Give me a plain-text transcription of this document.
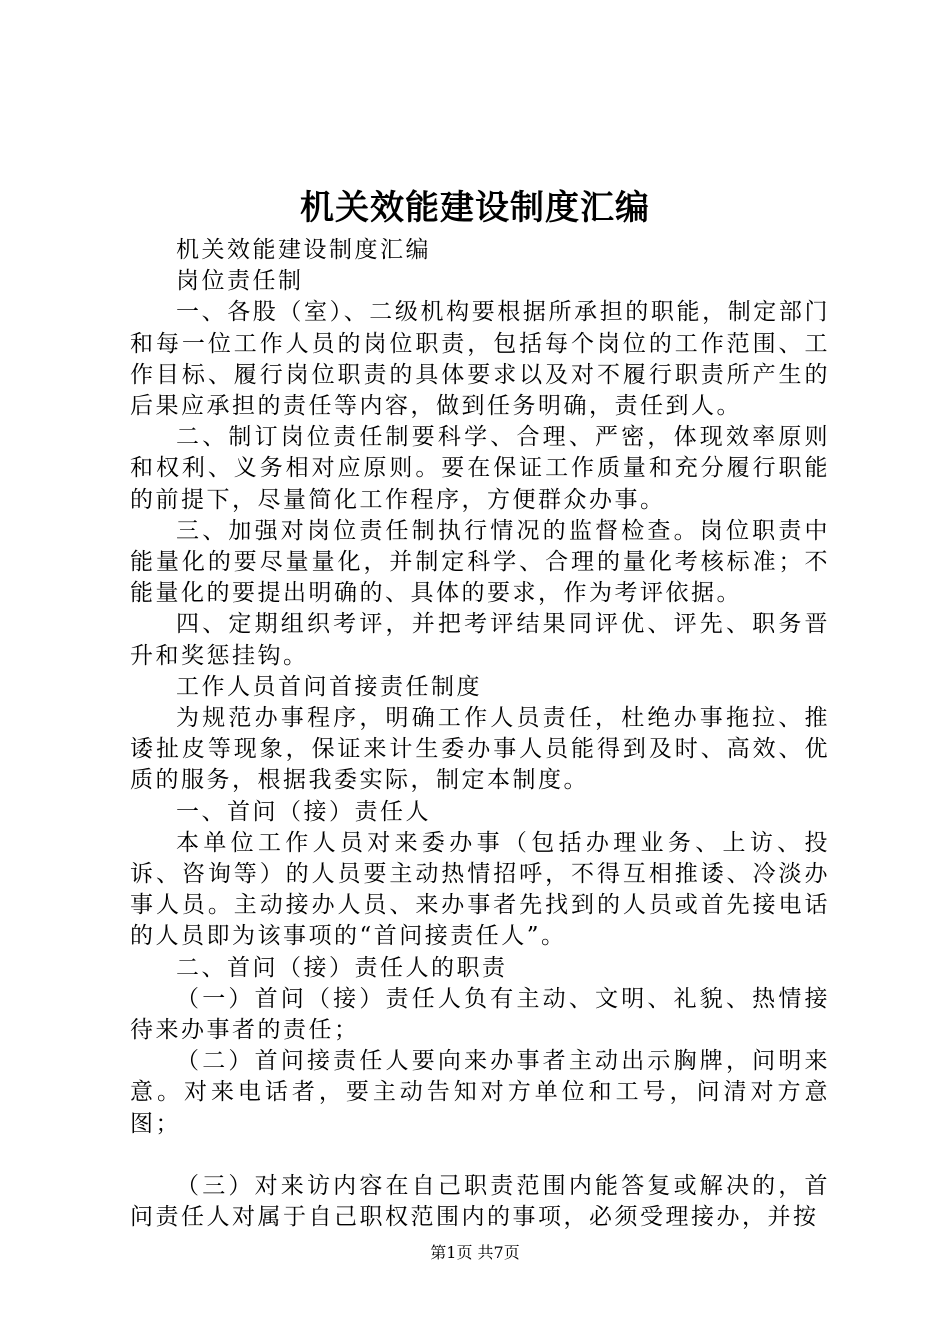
机关效能建设制度汇编

机关效能建设制度汇编

岗位责任制

一、各股（室）、二级机构要根据所承担的职能，制定部门和每一位工作人员的岗位职责，包括每个岗位的工作范围、工作目标、履行岗位职责的具体要求以及对不履行职责所产生的后果应承担的责任等内容，做到任务明确，责任到人。

二、制订岗位责任制要科学、合理、严密，体现效率原则和权利、义务相对应原则。要在保证工作质量和充分履行职能的前提下，尽量简化工作程序，方便群众办事。

三、加强对岗位责任制执行情况的监督检查。岗位职责中能量化的要尽量量化，并制定科学、合理的量化考核标准；不能量化的要提出明确的、具体的要求，作为考评依据。

四、定期组织考评，并把考评结果同评优、评先、职务晋升和奖惩挂钩。

工作人员首问首接责任制度

为规范办事程序，明确工作人员责任，杜绝办事拖拉、推诿扯皮等现象，保证来计生委办事人员能得到及时、高效、优质的服务，根据我委实际，制定本制度。

一、首问（接）责任人

本单位工作人员对来委办事（包括办理业务、上访、投诉、咨询等）的人员要主动热情招呼，不得互相推诿、冷淡办事人员。主动接办人员、来办事者先找到的人员或首先接电话的人员即为该事项的“首问接责任人”。

二、首问（接）责任人的职责

（一）首问（接）责任人负有主动、文明、礼貌、热情接待来办事者的责任；

（二）首问接责任人要向来办事者主动出示胸牌，问明来意。对来电话者，要主动告知对方单位和工号，问清对方意图；

（三）对来访内容在自己职责范围内能答复或解决的，首问责任人对属于自己职权范围内的事项，必须受理接办，并按

第1页 共7页
